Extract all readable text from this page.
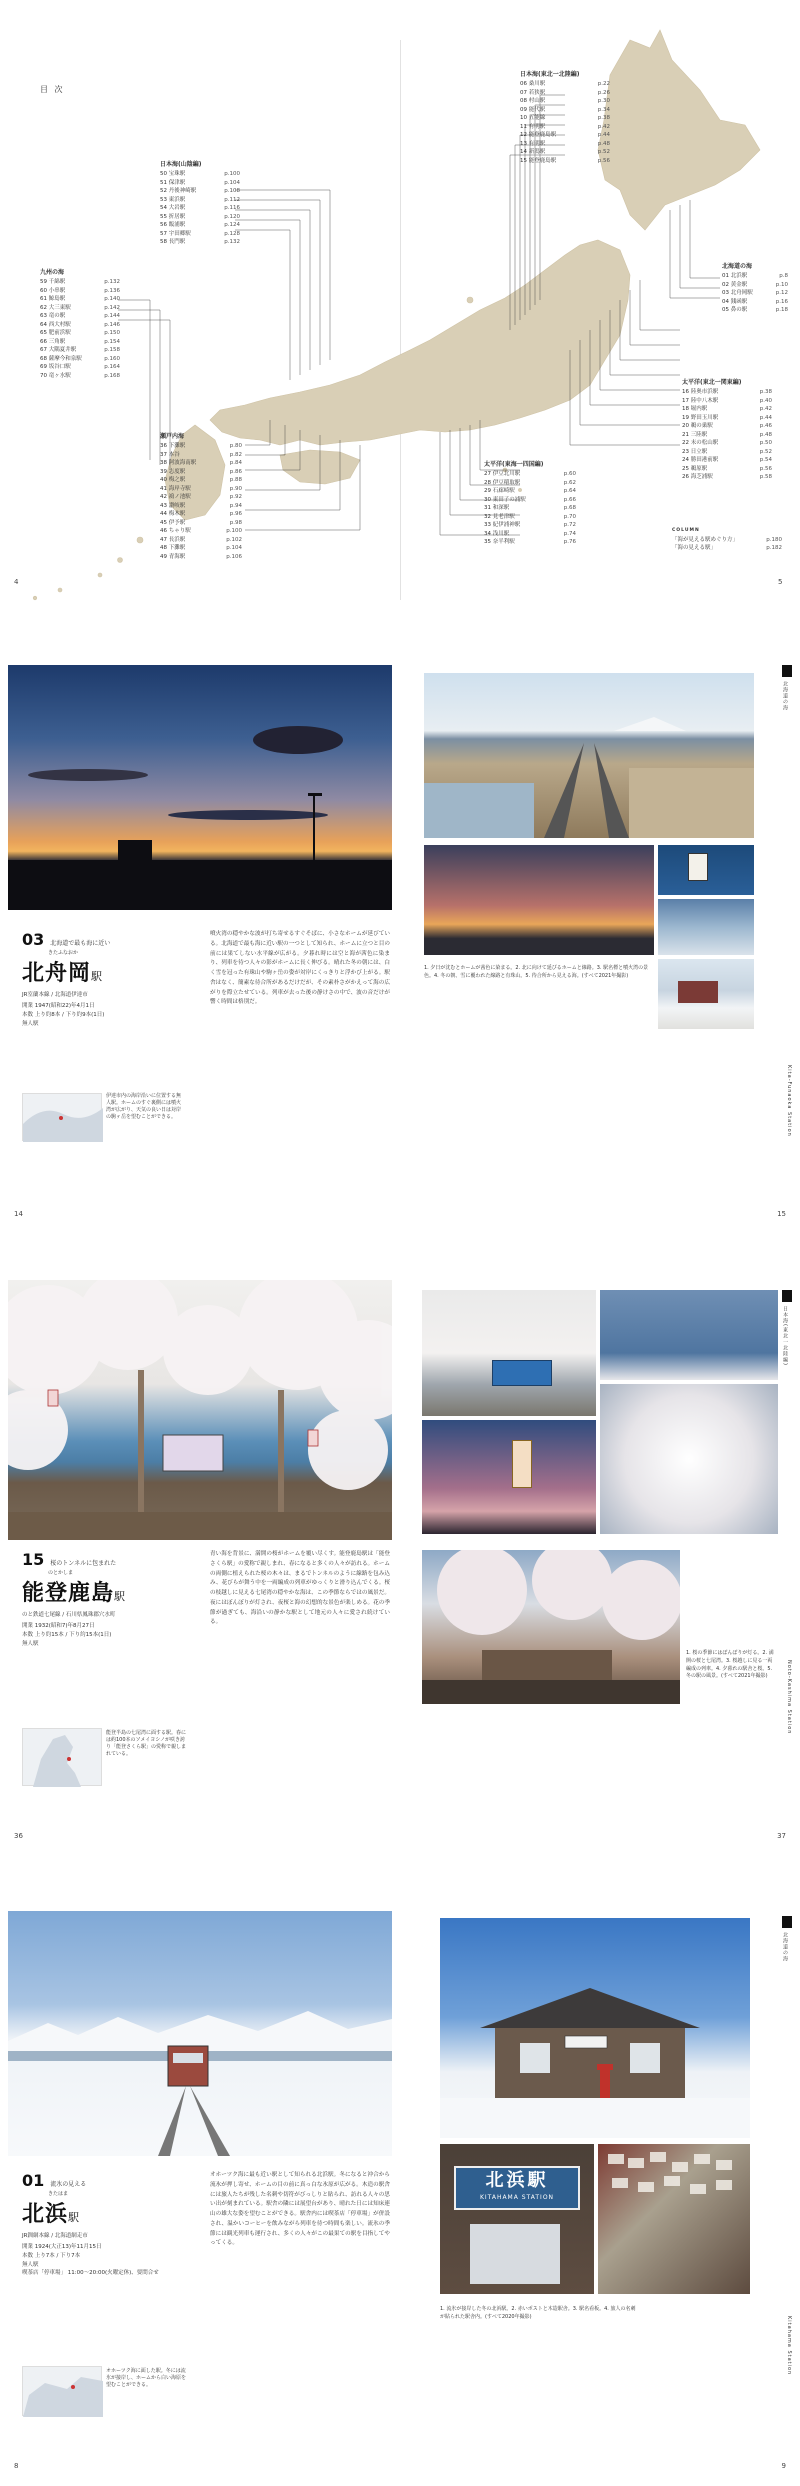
目 次
日本海(東北一北陸編)
06 桑川駅	p.22
07 若狭駅	p.26
08 村山駅	p.30
09 能代駅	p.34
10 五能線	p.38
11 有明駅	p.42
12 能登鹿島駅	p.44
13 有明駅	p.48
14 新潟駅	p.52
15 能登鹿島駅	p.56
日本海(山陰編)
50 宝珠駅	p.100
51 保津駅	p.104
52 丹後神崎駅	p.108
53 東浜駅	p.112
54 大岩駅	p.116
55 折居駅	p.120
56 飯浦駅	p.124
57 宇田郷駅	p.128
58 長門駅	p.132
九州の海
59 千綿駅	p.132
60 小串駅	p.136
61 鯨島駅	p.140
62 大三東駅	p.142
63 竜の駅	p.144
64 西大村駅	p.146
65 肥前浜駅	p.150
66 三角駅	p.154
67 大隅夏井駅	p.158
68 薩摩今和泉駅	p.160
69 坂谷口駅	p.164
70 竜ヶ水駅	p.168
瀬戸内海
36 下灘駅	p.80
37 本谷	p.82
38 阿波海南駅	p.84
39 志度駅	p.86
40 梅之駅	p.88
41 海岸寺駅	p.90
42 鴻ノ池駅	p.92
43 讃岐駅	p.94
44 梅木駅	p.96
45 伊予駅	p.98
46 ちゃり駅	p.100
47 長浜駅	p.102
48 下灘駅	p.104
49 青海駅	p.106
北海道の海
01 北浜駅	p.8
02 黄金駅	p.10
03 北舟岡駅	p.12
04 銭函駅	p.16
05 鼻の駅	p.18
太平洋(東北一関東編)
16 陸奥市浜駅	p.38
17 陸中八木駅	p.40
18 堀内駅	p.42
19 野田玉川駅	p.44
20 鵜の巣駅	p.46
21 三陸駅	p.48
22 末の松山駅	p.50
23 日立駅	p.52
24 勝田港前駅	p.54
25 鵜原駅	p.56
26 海芝浦駅	p.58
太平洋(東海一四国編)
27 伊豆北川駅	p.60
28 伊豆稲取駅	p.62
29 石廊崎駅	p.64
30 東田子の浦駅	p.66
31 和深駅	p.68
32 見老津駅	p.70
33 紀伊浦神駅	p.72
34 浅川駅	p.74
35 奈半利駅	p.76
COLUMN
「海が見える駅めぐり方」	p.180
「海の見える駅」	p.182
4	5
03 北海道で最も海に近い
きたふなおか
北舟岡駅
JR室蘭本線 / 北海道伊達市
開業 1947(昭和22)年4月1日
本数 上り約8本 / 下り約9本(1日)
無人駅
伊達市内の海岸沿いに位置する無人駅。ホームのすぐ裏側には噴火湾が広がり、天気の良い日は対岸の駒ヶ岳を望むことができる。
噴火湾の穏やかな波が打ち寄せるすぐそばに、小さなホームが延びている。北海道で最も海に近い駅の一つとして知られ、ホームに立つと目の前には果てしない水平線が広がる。夕暮れ時には空と海が茜色に染まり、列車を待つ人々の影がホームに長く伸びる。晴れた冬の朝には、白く雪を冠った有珠山や駒ヶ岳の姿が対岸にくっきりと浮かび上がる。駅舎はなく、簡素な待合所があるだけだが、その素朴さがかえって海の広がりを際立たせている。列車が去った後の静けさの中で、波の音だけが響く時間は格別だ。
14
1. 夕日が沈むとホームが茜色に染まる。2. 北に向けて延びるホームと線路。3. 駅名標と噴火湾の景色。4. 冬の朝、雪に覆われた線路と有珠山。5. 待合所から見える海。(すべて2021年撮影)
北海道の海
Kita-Funaoka Station
15
15 桜のトンネルに包まれた
のとかしま
能登鹿島駅
のと鉄道七尾線 / 石川県鳳珠郡穴水町
開業 1932(昭和7)年8月27日
本数 上り約15本 / 下り約15本(1日)
無人駅
能登半島の七尾湾に面する駅。春には約100本のソメイヨシノが咲き誇り「能登さくら駅」の愛称で親しまれている。
青い海を背景に、満開の桜がホームを覆い尽くす。能登鹿島駅は「能登さくら駅」の愛称で親しまれ、春になると多くの人々が訪れる。ホームの両側に植えられた桜の木々は、まるでトンネルのように線路を包み込み、花びらが舞う中を一両編成の列車がゆっくりと滑り込んでくる。桜の枝越しに見える七尾湾の穏やかな海は、この季節ならではの風景だ。夜にはぼんぼりが灯され、夜桜と海の幻想的な景色が楽しめる。花の季節が過ぎても、海沿いの静かな駅として地元の人々に愛され続けている。
36
1. 桜の季節にはぼんぼりが灯る。2. 満開の桜と七尾湾。3. 桜越しに見る一両編成の列車。4. 夕暮れの駅舎と桜。5. 冬の駅の風景。(すべて2021年撮影)
日本海(東北一北陸編)
Noto-Kashima Station
37
01 流氷の見える
きたはま
北浜駅
JR釧網本線 / 北海道網走市
開業 1924(大正13)年11月15日
本数 上り7本 / 下り7本
無人駅
喫茶店「停車場」 11:00〜20:00(火曜定休)、要問合せ
オホーツク海に面した駅。冬には流氷が接岸し、ホームから白い海原を望むことができる。
オホーツク海に最も近い駅として知られる北浜駅。冬になると沖合から流氷が押し寄せ、ホームの目の前に真っ白な氷原が広がる。木造の駅舎には旅人たちが残した名刺や切符がびっしりと貼られ、訪れる人々の思い出が刻まれている。駅舎の隣には展望台があり、晴れた日には知床連山の雄大な姿を望むことができる。駅舎内には喫茶店「停車場」が併設され、温かいコーヒーを飲みながら列車を待つ時間も楽しい。流氷の季節には観光列車も運行され、多くの人々がこの最果ての駅を目指してやってくる。
8
北浜駅
KITAHAMA STATION
1. 流氷が接岸した冬の北浜駅。2. 赤いポストと木造駅舎。3. 駅名看板。4. 旅人の名刺が貼られた駅舎内。(すべて2020年撮影)
北海道の海
Kitahama Station
9
